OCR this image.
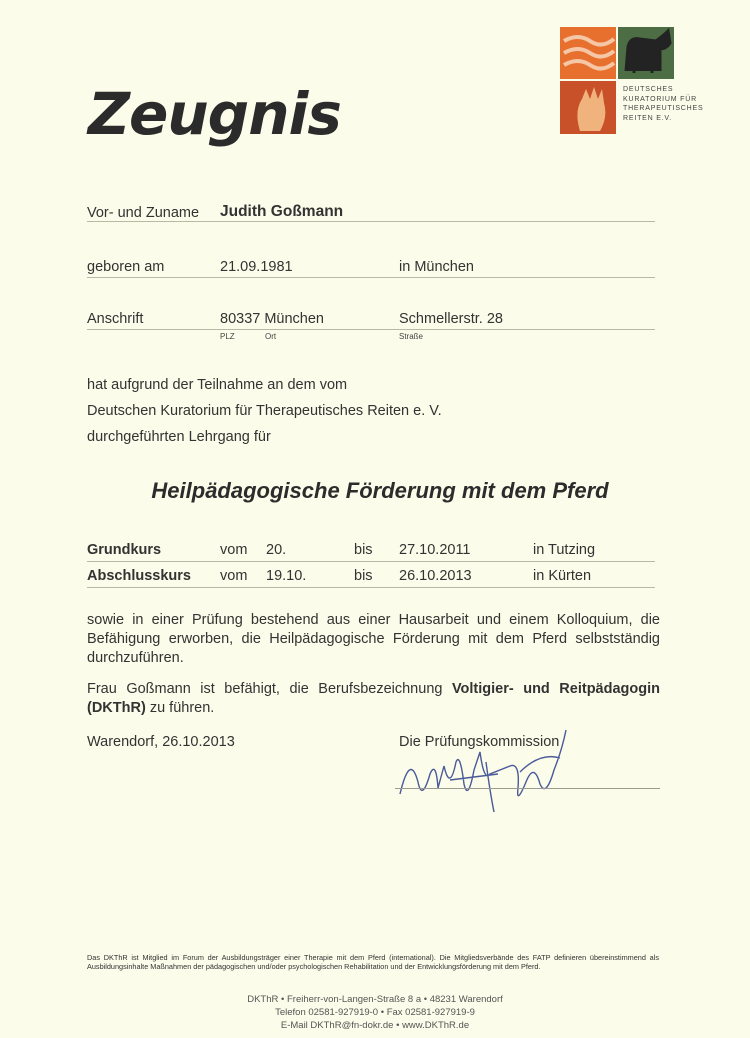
Zeugnis	DEUTSCHES
KURATORIUM FÜR
THERAPEUTISCHES
REITEN E.V.
Vor- und Zuname Judith Goßmann
geboren am	21.09.1981	in München
Anschrift	80337 München	Schmellerstr. 28
PLZ	Ort	Straße
hat aufgrund der Teilnahme an dem vom
Deutschen Kuratorium für Therapeutisches Reiten e. V.
durchgeführten Lehrgang für
Heilpädagogische Förderung mit dem Pferd
Grundkurs	vom 20.	bis 27.10.2011	in Tutzing
Abschlusskurs vom 19.10.	bis 26.10.2013	in Kürten
sowie in einer Prüfung bestehend aus einer Hausarbeit und einem Kolloquium, die Befähigung erworben, die Heilpädagogische Förderung mit dem Pferd selbstständig durchzuführen.
Frau Goßmann ist befähigt, die Berufsbezeichnung Voltigier- und Reitpädagogin (DKThR) zu führen.
Warendorf, 26.10.2013	Die Prüfungskommission
Das DKThR ist Mitglied im Forum der Ausbildungsträger einer Therapie mit dem Pferd (international). Die Mitgliedsverbände des FATP definieren übereinstimmend als Ausbildungsinhalte Maßnahmen der pädagogischen und/oder psychologischen Rehabilitation und der Entwicklungsförderung mit dem Pferd.
DKThR • Freiherr-von-Langen-Straße 8 a • 48231 Warendorf
Telefon 02581-927919-0 • Fax 02581-927919-9
E-Mail DKThR@fn-dokr.de • www.DKThR.de
